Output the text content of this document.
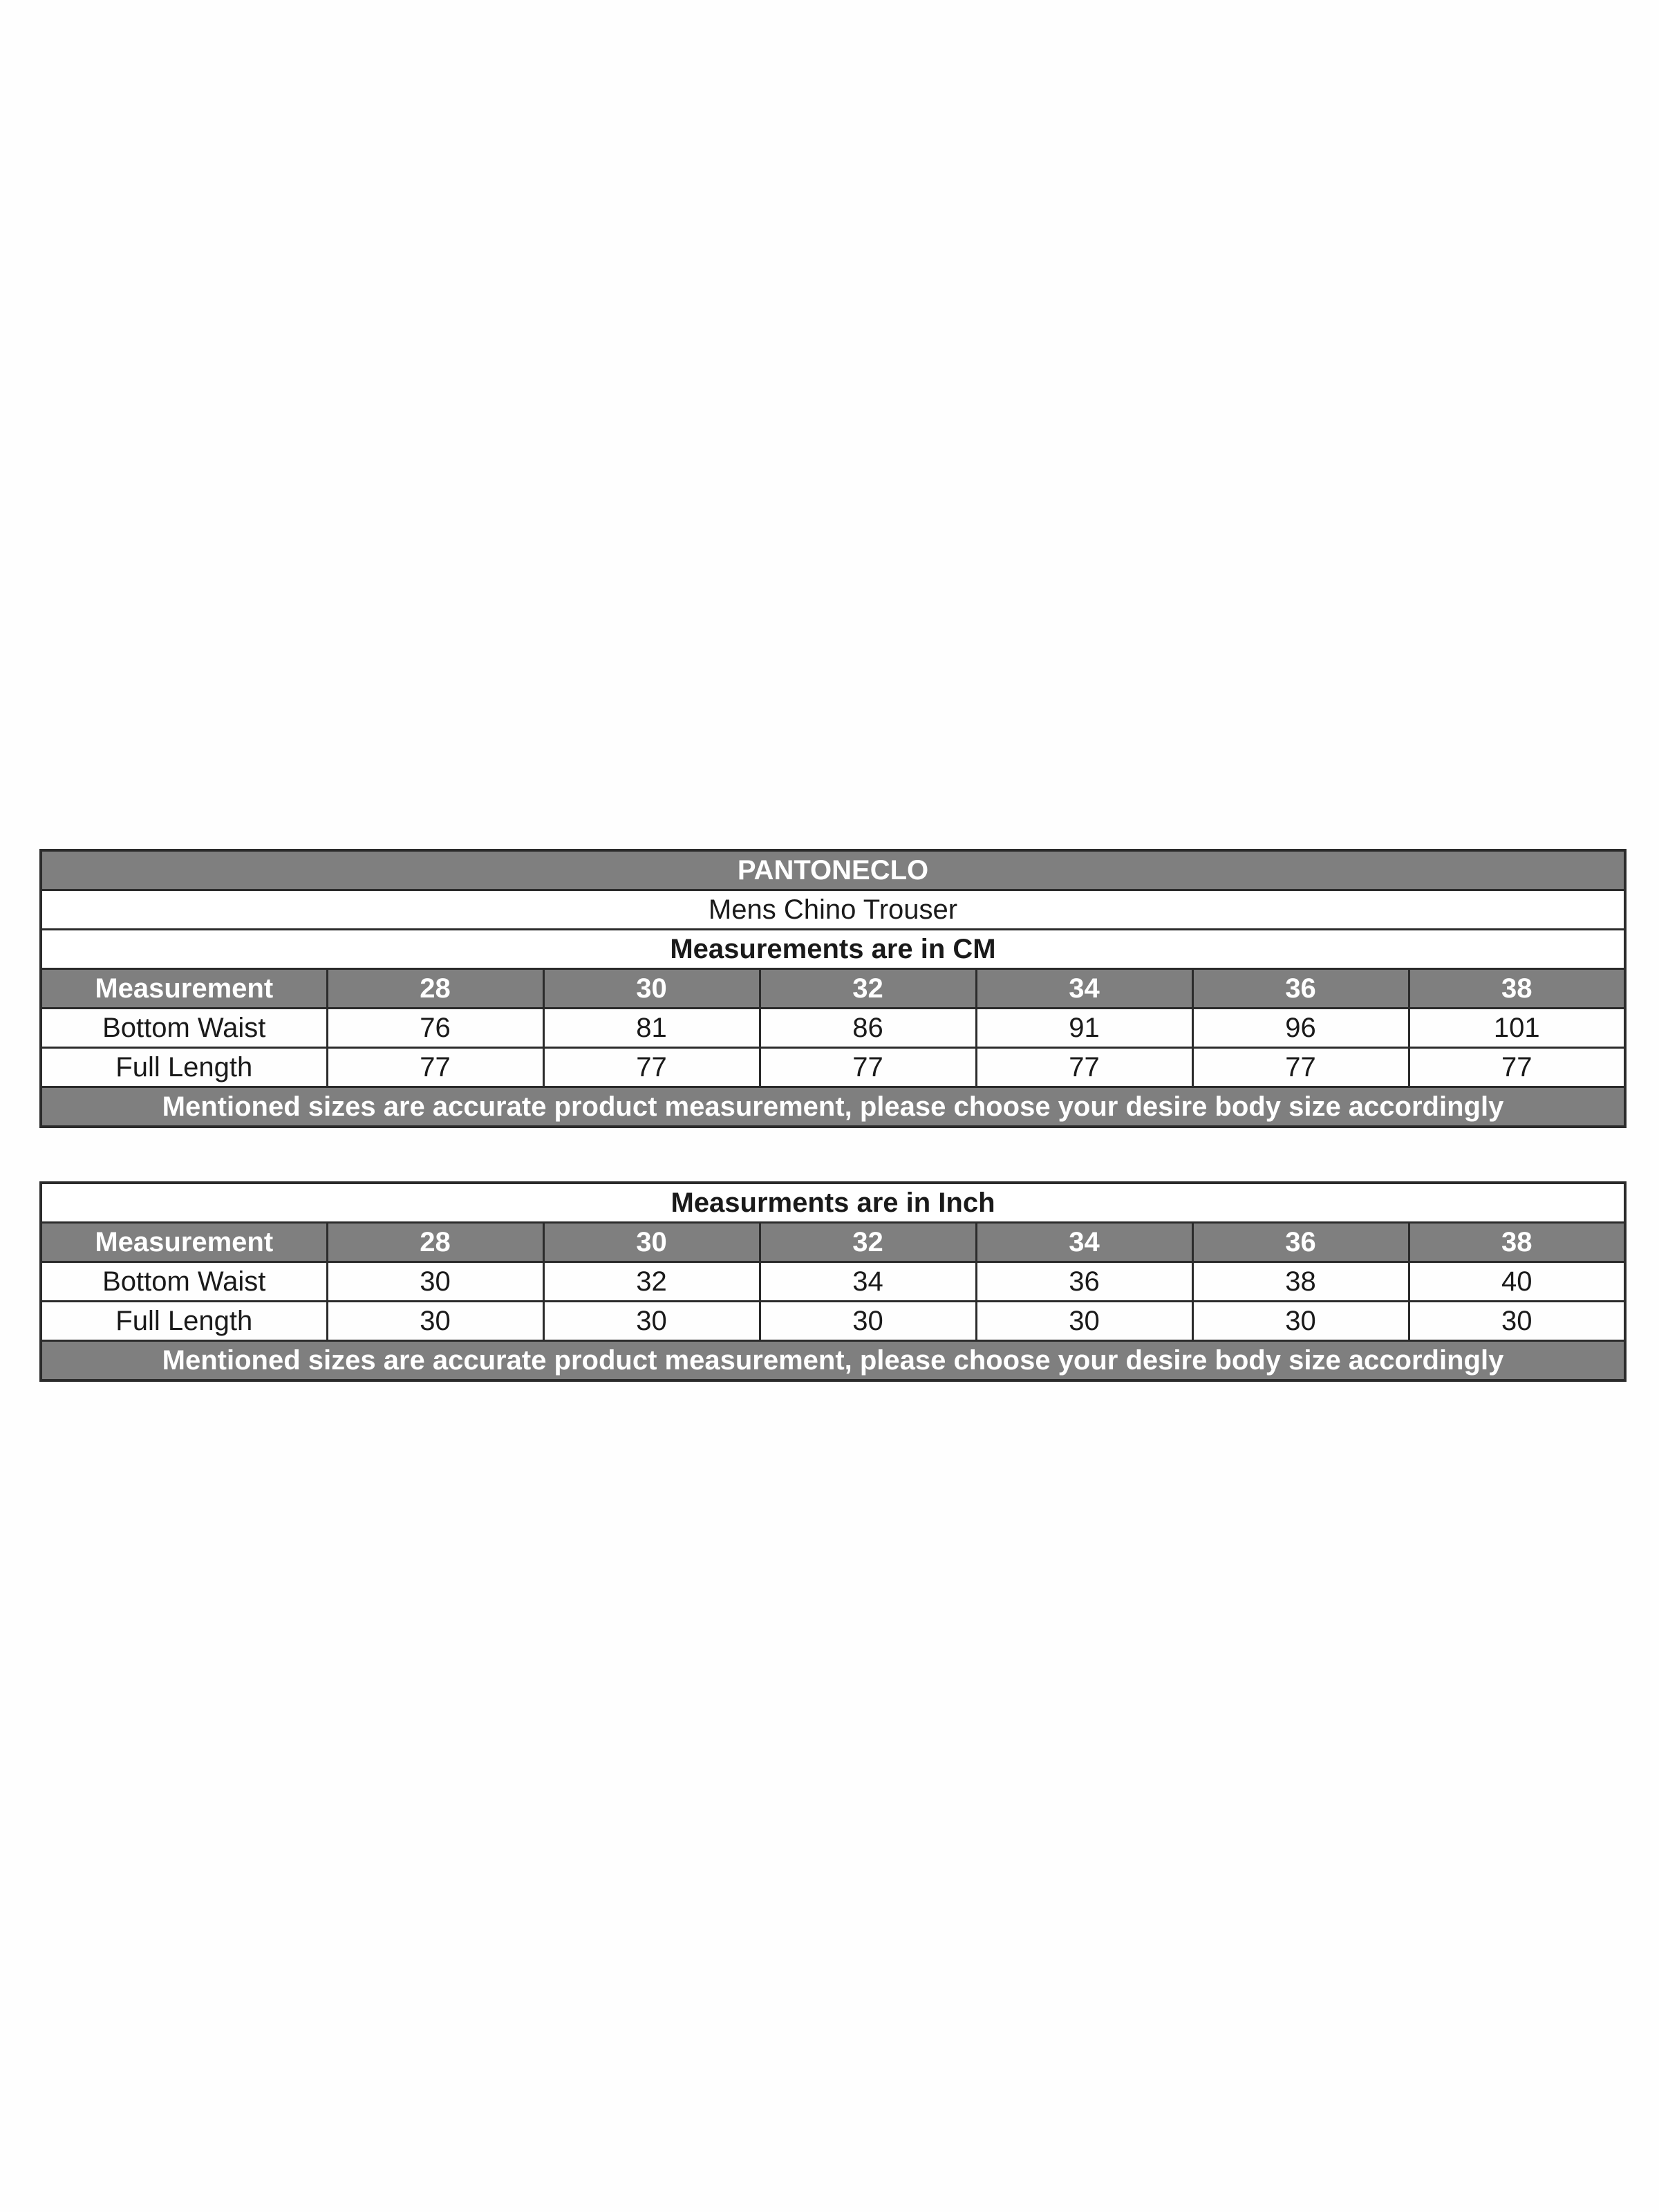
PANTONECLO						
Mens Chino Trouser						
Measurements are in CM						
Measurement	28	30	32	34	36	38
Bottom Waist	76	81	86	91	96	101
Full Length	77	77	77	77	77	77
Mentioned sizes are accurate product measurement, please choose your desire body size accordingly						
Measurments are in Inch						
Measurement	28	30	32	34	36	38
Bottom Waist	30	32	34	36	38	40
Full Length	30	30	30	30	30	30
Mentioned sizes are accurate product measurement, please choose your desire body size accordingly						
